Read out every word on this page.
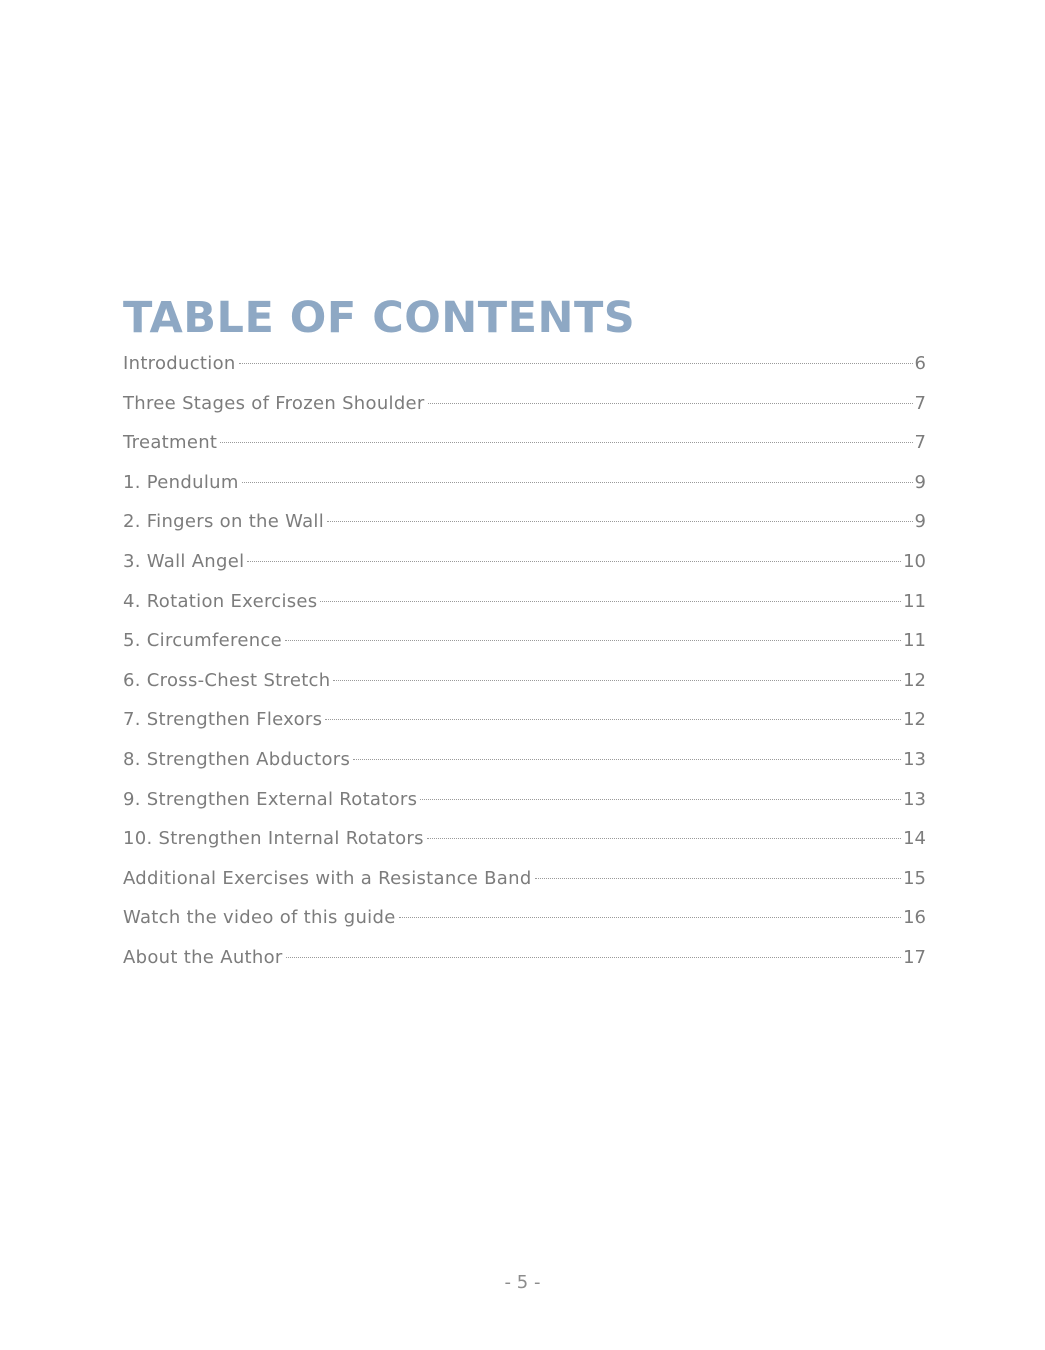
TABLE OF CONTENTS
Introduction	6
Three Stages of Frozen Shoulder	7
Treatment	7
1. Pendulum	9
2. Fingers on the Wall	9
3. Wall Angel	10
4. Rotation Exercises	11
5. Circumference	11
6. Cross-Chest Stretch	12
7. Strengthen Flexors	12
8. Strengthen Abductors	13
9. Strengthen External Rotators	13
10. Strengthen Internal Rotators	14
Additional Exercises with a Resistance Band	15
Watch the video of this guide	16
About the Author	17
- 5 -
